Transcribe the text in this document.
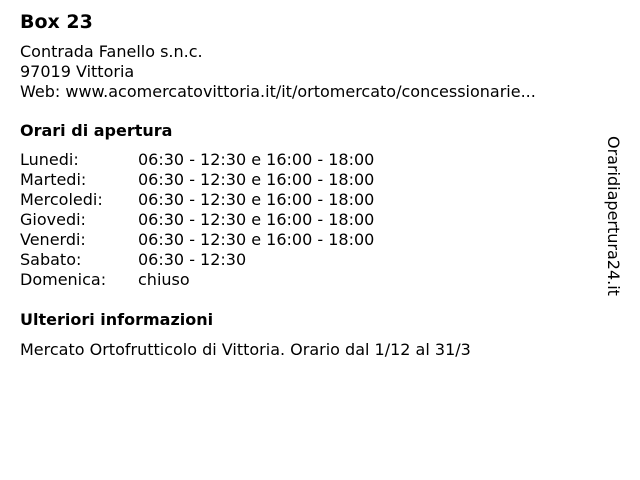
Box 23
Contrada Fanello s.n.c.
97019 Vittoria
Web: www.acomercatovittoria.it/it/ortomercato/concessionarie...
Orari di apertura
Lunedi:	06:30 - 12:30 e 16:00 - 18:00
Martedi:	06:30 - 12:30 e 16:00 - 18:00
Mercoledi:	06:30 - 12:30 e 16:00 - 18:00
Giovedi:	06:30 - 12:30 e 16:00 - 18:00
Venerdi:	06:30 - 12:30 e 16:00 - 18:00
Sabato:	06:30 - 12:30
Domenica:	chiuso
Ulteriori informazioni
Mercato Ortofrutticolo di Vittoria. Orario dal 1/12 al 31/3
Oraridiapertura24.it
